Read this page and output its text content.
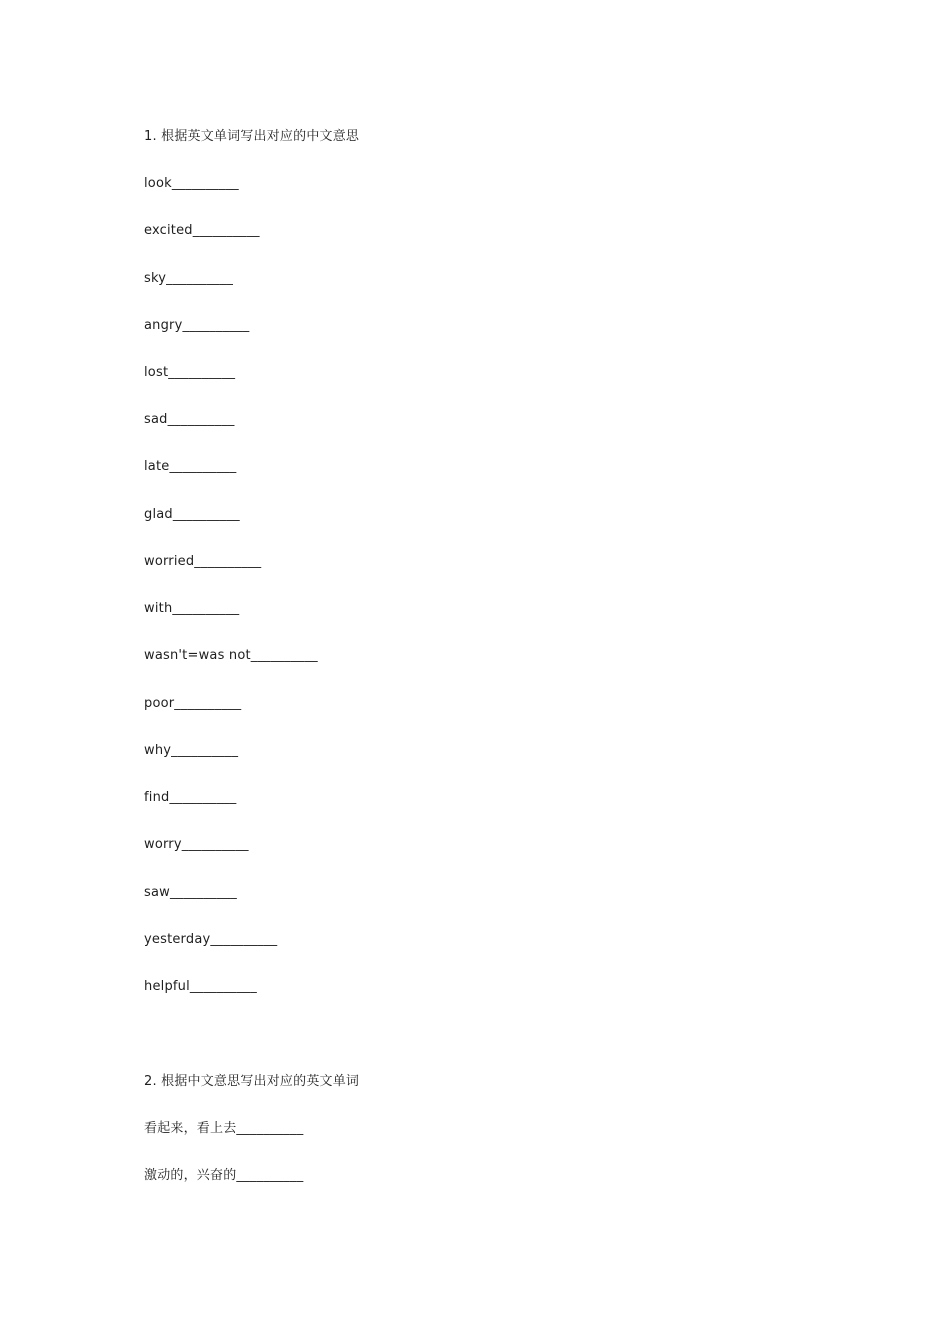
1. 根据英文单词写出对应的中文意思
look__________
excited__________
sky__________
angry__________
lost__________
sad__________
late__________
glad__________
worried__________
with__________
wasn't=was not__________
poor__________
why__________
find__________
worry__________
saw__________
yesterday__________
helpful__________
2. 根据中文意思写出对应的英文单词
看起来，看上去__________
激动的，兴奋的__________
